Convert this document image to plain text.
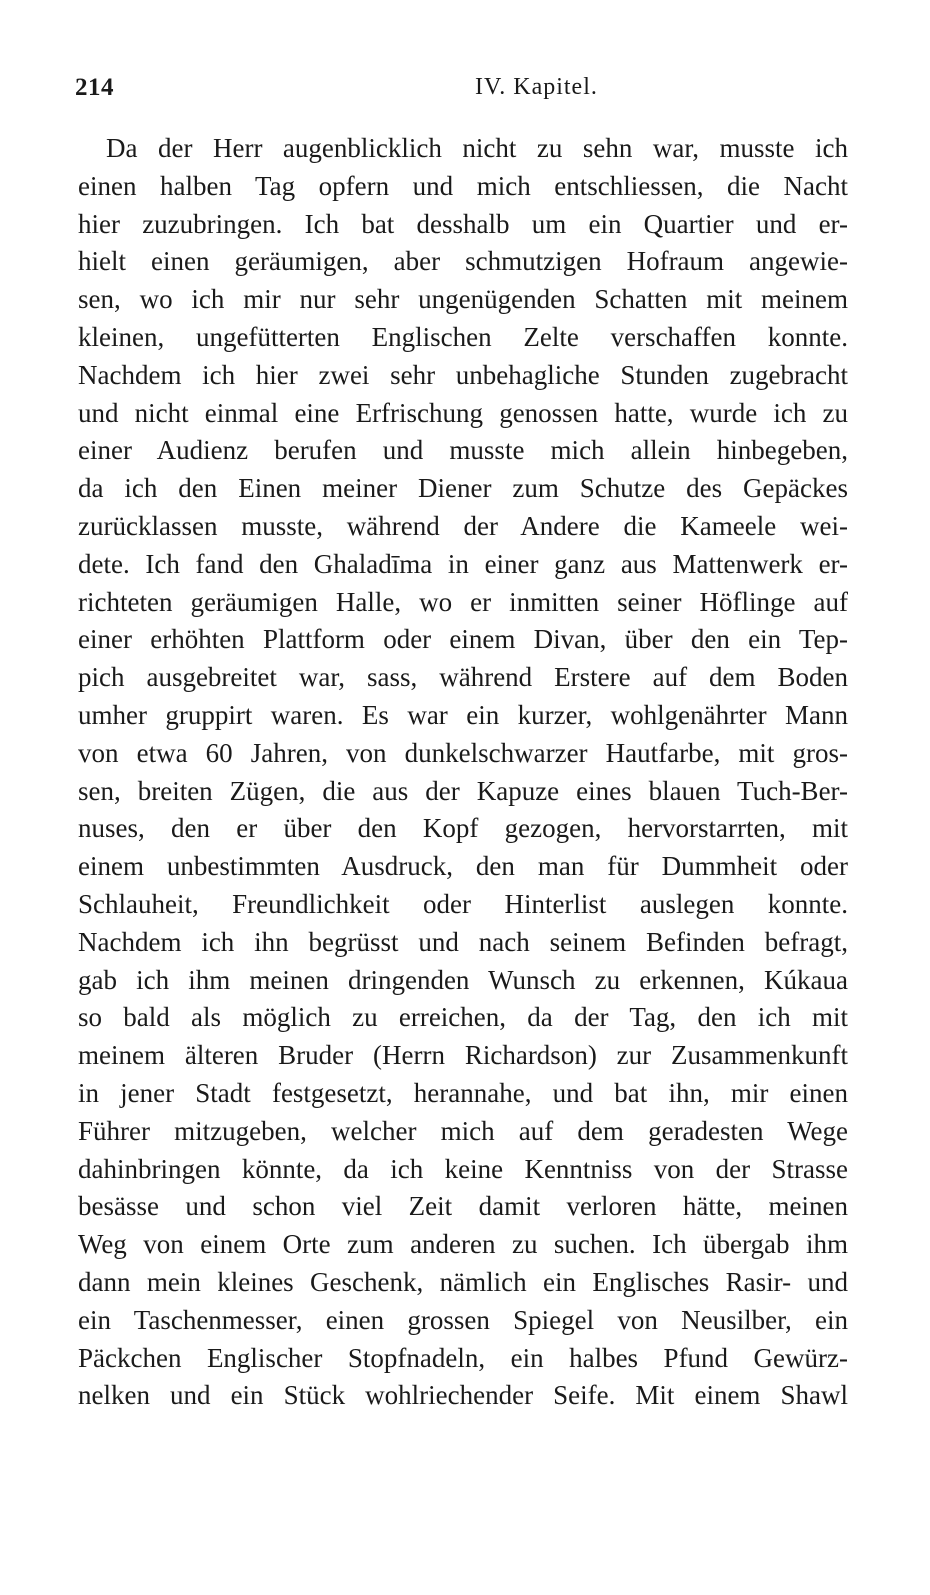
214	IV. Kapitel.
Da der Herr augenblicklich nicht zu sehn war, musste ich
einen halben Tag opfern und mich entschliessen, die Nacht
hier zuzubringen. Ich bat desshalb um ein Quartier und er-
hielt einen geräumigen, aber schmutzigen Hofraum angewie-
sen, wo ich mir nur sehr ungenügenden Schatten mit meinem
kleinen, ungefütterten Englischen Zelte verschaffen konnte.
Nachdem ich hier zwei sehr unbehagliche Stunden zugebracht
und nicht einmal eine Erfrischung genossen hatte, wurde ich zu
einer Audienz berufen und musste mich allein hinbegeben,
da ich den Einen meiner Diener zum Schutze des Gepäckes
zurücklassen musste, während der Andere die Kameele wei-
dete. Ich fand den Ghaladīma in einer ganz aus Mattenwerk er-
richteten geräumigen Halle, wo er inmitten seiner Höflinge auf
einer erhöhten Plattform oder einem Divan, über den ein Tep-
pich ausgebreitet war, sass, während Erstere auf dem Boden
umher gruppirt waren. Es war ein kurzer, wohlgenährter Mann
von etwa 60 Jahren, von dunkelschwarzer Hautfarbe, mit gros-
sen, breiten Zügen, die aus der Kapuze eines blauen Tuch-Ber-
nuses, den er über den Kopf gezogen, hervorstarrten, mit
einem unbestimmten Ausdruck, den man für Dummheit oder
Schlauheit, Freundlichkeit oder Hinterlist auslegen konnte.
Nachdem ich ihn begrüsst und nach seinem Befinden befragt,
gab ich ihm meinen dringenden Wunsch zu erkennen, Kúkaua
so bald als möglich zu erreichen, da der Tag, den ich mit
meinem älteren Bruder (Herrn Richardson) zur Zusammenkunft
in jener Stadt festgesetzt, herannahe, und bat ihn, mir einen
Führer mitzugeben, welcher mich auf dem geradesten Wege
dahinbringen könnte, da ich keine Kenntniss von der Strasse
besässe und schon viel Zeit damit verloren hätte, meinen
Weg von einem Orte zum anderen zu suchen. Ich übergab ihm
dann mein kleines Geschenk, nämlich ein Englisches Rasir- und
ein Taschenmesser, einen grossen Spiegel von Neusilber, ein
Päckchen Englischer Stopfnadeln, ein halbes Pfund Gewürz-
nelken und ein Stück wohlriechender Seife. Mit einem Shawl
